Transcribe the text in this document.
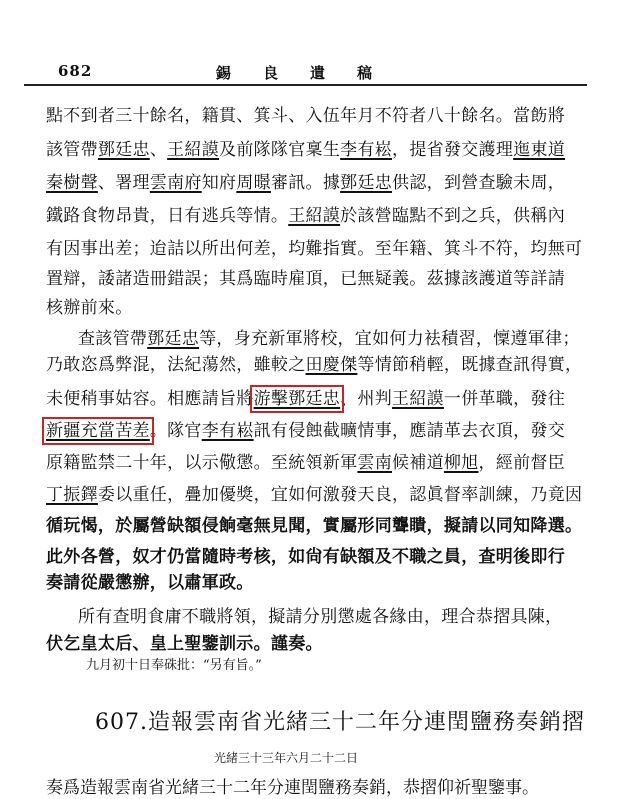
682	錫良遺稿
點不到者三十餘名，籍貫、箕斗、入伍年月不符者八十餘名。當飭將
該管帶鄧廷忠、王紹謨及前隊隊官稟生李有崧，提省發交護理迤東道
秦樹聲、署理雲南府知府周暻審訊。據鄧廷忠供認，到營查驗未周，
鐵路食物昂貴，日有逃兵等情。王紹謨於該營臨點不到之兵，供稱內
有因事出差；迨詰以所出何差，均難指實。至年籍、箕斗不符，均無可
置辯，諉諸造冊錯誤；其爲臨時雇頂，已無疑義。茲據該護道等詳請
核辦前來。
查該管帶鄧廷忠等，身充新軍將校，宜如何力袪積習，懍遵軍律；
乃敢恣爲弊混，法紀蕩然，雖較之田慶傑等情節稍輕，既據查訊得實，
未便稍事姑容。相應請旨將游擊鄧廷忠、州判王紹謨一併革職，發往
新疆充當苦差。隊官李有崧訊有侵蝕截曠情事，應請革去衣頂，發交
原籍監禁二十年，以示儆懲。至統領新軍雲南候補道柳旭，經前督臣
丁振鐸委以重任，疊加優獎，宜如何激發天良，認眞督率訓練，乃竟因
循玩愒，於屬營缺額侵餉毫無見聞，實屬形同聾瞶，擬請以同知降選。
此外各營，奴才仍當隨時考核，如尙有缺額及不職之員，查明後即行
奏請從嚴懲辦，以肅軍政。
所有查明食庸不職將領，擬請分別懲處各緣由，理合恭摺具陳，
伏乞皇太后、皇上聖鑒訓示。謹奏。
九月初十日奉硃批：“另有旨。”
607.造報雲南省光緒三十二年分連閏鹽務奏銷摺
光緒三十三年六月二十二日
奏爲造報雲南省光緒三十二年分連閏鹽務奏銷，恭摺仰祈聖鑒事。
